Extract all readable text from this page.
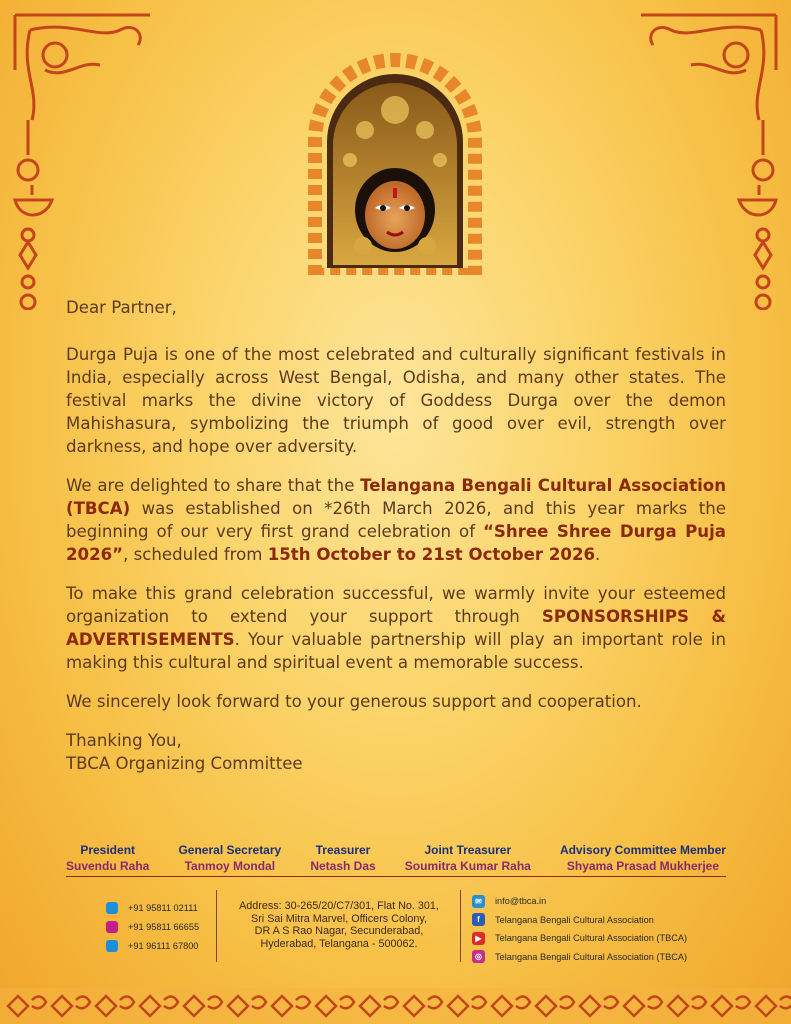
Dear Partner,

Durga Puja is one of the most celebrated and culturally significant festivals in India, especially across West Bengal, Odisha, and many other states. The festival marks the divine victory of Goddess Durga over the demon Mahishasura, symbolizing the triumph of good over evil, strength over darkness, and hope over adversity.

We are delighted to share that the Telangana Bengali Cultural Association (TBCA) was established on *26th March 2026, and this year marks the beginning of our very first grand celebration of “Shree Shree Durga Puja 2026”, scheduled from 15th October to 21st October 2026.

To make this grand celebration successful, we warmly invite your esteemed organization to extend your support through SPONSORSHIPS & ADVERTISEMENTS. Your valuable partnership will play an important role in making this cultural and spiritual event a memorable success.

We sincerely look forward to your generous support and cooperation.

Thanking You,
TBCA Organizing Committee
President
Suvendu Raha
General Secretary
Tanmoy Mondal
Treasurer
Netash Das
Joint Treasurer
Soumitra Kumar Raha
Advisory Committee Member
Shyama Prasad Mukherjee
+91 95811 02111
+91 95811 66655
+91 96111 67800
Address: 30-265/20/C7/301, Flat No. 301,
Sri Sai Mitra Marvel, Officers Colony,
DR A S Rao Nagar, Secunderabad,
Hyderabad, Telangana - 500062.
✉	info@tbca.in
f	Telangana Bengali Cultural Association
▶	Telangana Bengali Cultural Association (TBCA)
◎	Telangana Bengali Cultural Association (TBCA)
